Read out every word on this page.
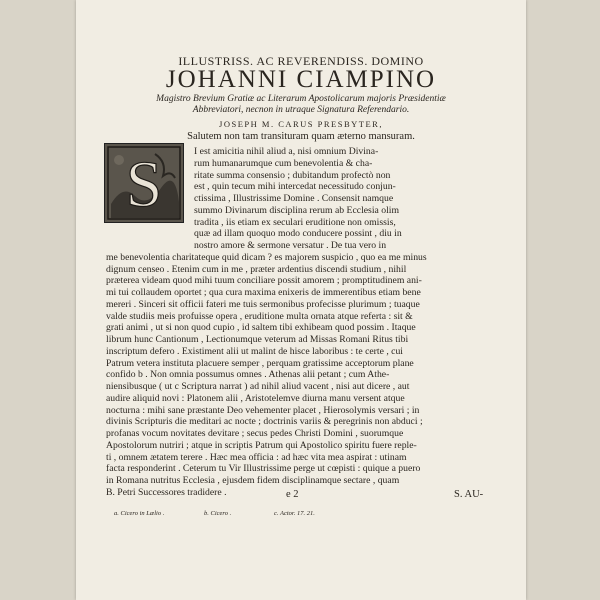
ILLUSTRISS. AC REVERENDISS. DOMINO
JOHANNI CIAMPINO
Magistro Brevium Gratiæ ac Literarum Apostolicarum majoris Præsidentiæ
Abbreviatori, necnon in utraque Signatura Referendario.
JOSEPH M. CARUS PRESBYTER,
Salutem non tam transituram quam æterno mansuram.
S	I est amicitia nihil aliud a, nisi omnium Divina-
rum humanarumque cum benevolentia & cha-
ritate summa consensio ; dubitandum profectò non
est , quin tecum mihi intercedat necessitudo conjun-
ctissima , Illustrissime Domine . Consensit namque
summo Divinarum disciplina rerum ab Ecclesia olim
tradita , iis etiam ex seculari eruditione non omissis,
quæ ad illam quoquo modo conducere possint , diu in
nostro amore & sermone versatur . De tua vero in
me benevolentia charitateque quid dicam ? es majorem suspicio , quo ea me minus
dignum censeo . Etenim cum in me , præter ardentius discendi studium , nihil
præterea videam quod mihi tuum conciliare possit amorem ; promptitudinem ani-
mi tui collaudem oportet ; qua cura maxima enixeris de immerentibus etiam bene
mereri . Sinceri sit officii fateri me tuis sermonibus profecisse plurimum ; tuaque
valde studiis meis profuisse opera , eruditione multa ornata atque referta : sit &
grati animi , ut si non quod cupio , id saltem tibi exhibeam quod possim . Itaque
librum hunc Cantionum , Lectionumque veterum ad Missas Romani Ritus tibi
inscriptum defero . Existiment alii ut malint de hisce laboribus : te certe , cui
Patrum vetera instituta placuere semper , perquam gratissime acceptorum plane
confido b . Non omnia possumus omnes . Athenas alii petant ; cum Athe-
niensibusque ( ut c Scriptura narrat ) ad nihil aliud vacent , nisi aut dicere , aut
audire aliquid novi : Platonem alii , Aristotelemve diurna manu versent atque
nocturna : mihi sane præstante Deo vehementer placet , Hierosolymis versari ; in
divinis Scripturis die meditari ac nocte ; doctrinis variis & peregrinis non abduci ;
profanas vocum novitates devitare ; secus pedes Christi Domini , suorumque
Apostolorum nutriri ; atque in scriptis Patrum qui Apostolico spiritu fuere reple-
ti , omnem ætatem terere . Hæc mea officia : ad hæc vita mea aspirat : utinam
facta responderint . Ceterum tu Vir Illustrissime perge ut cœpisti : quique a puero
in Romana nutritus Ecclesia , ejusdem fidem disciplinamque sectare , quam
B. Petri Successores tradidere .	e 2	S. AU-
a. Cicero in Lælio .	b. Cicero .	c. Actor. 17. 21.
